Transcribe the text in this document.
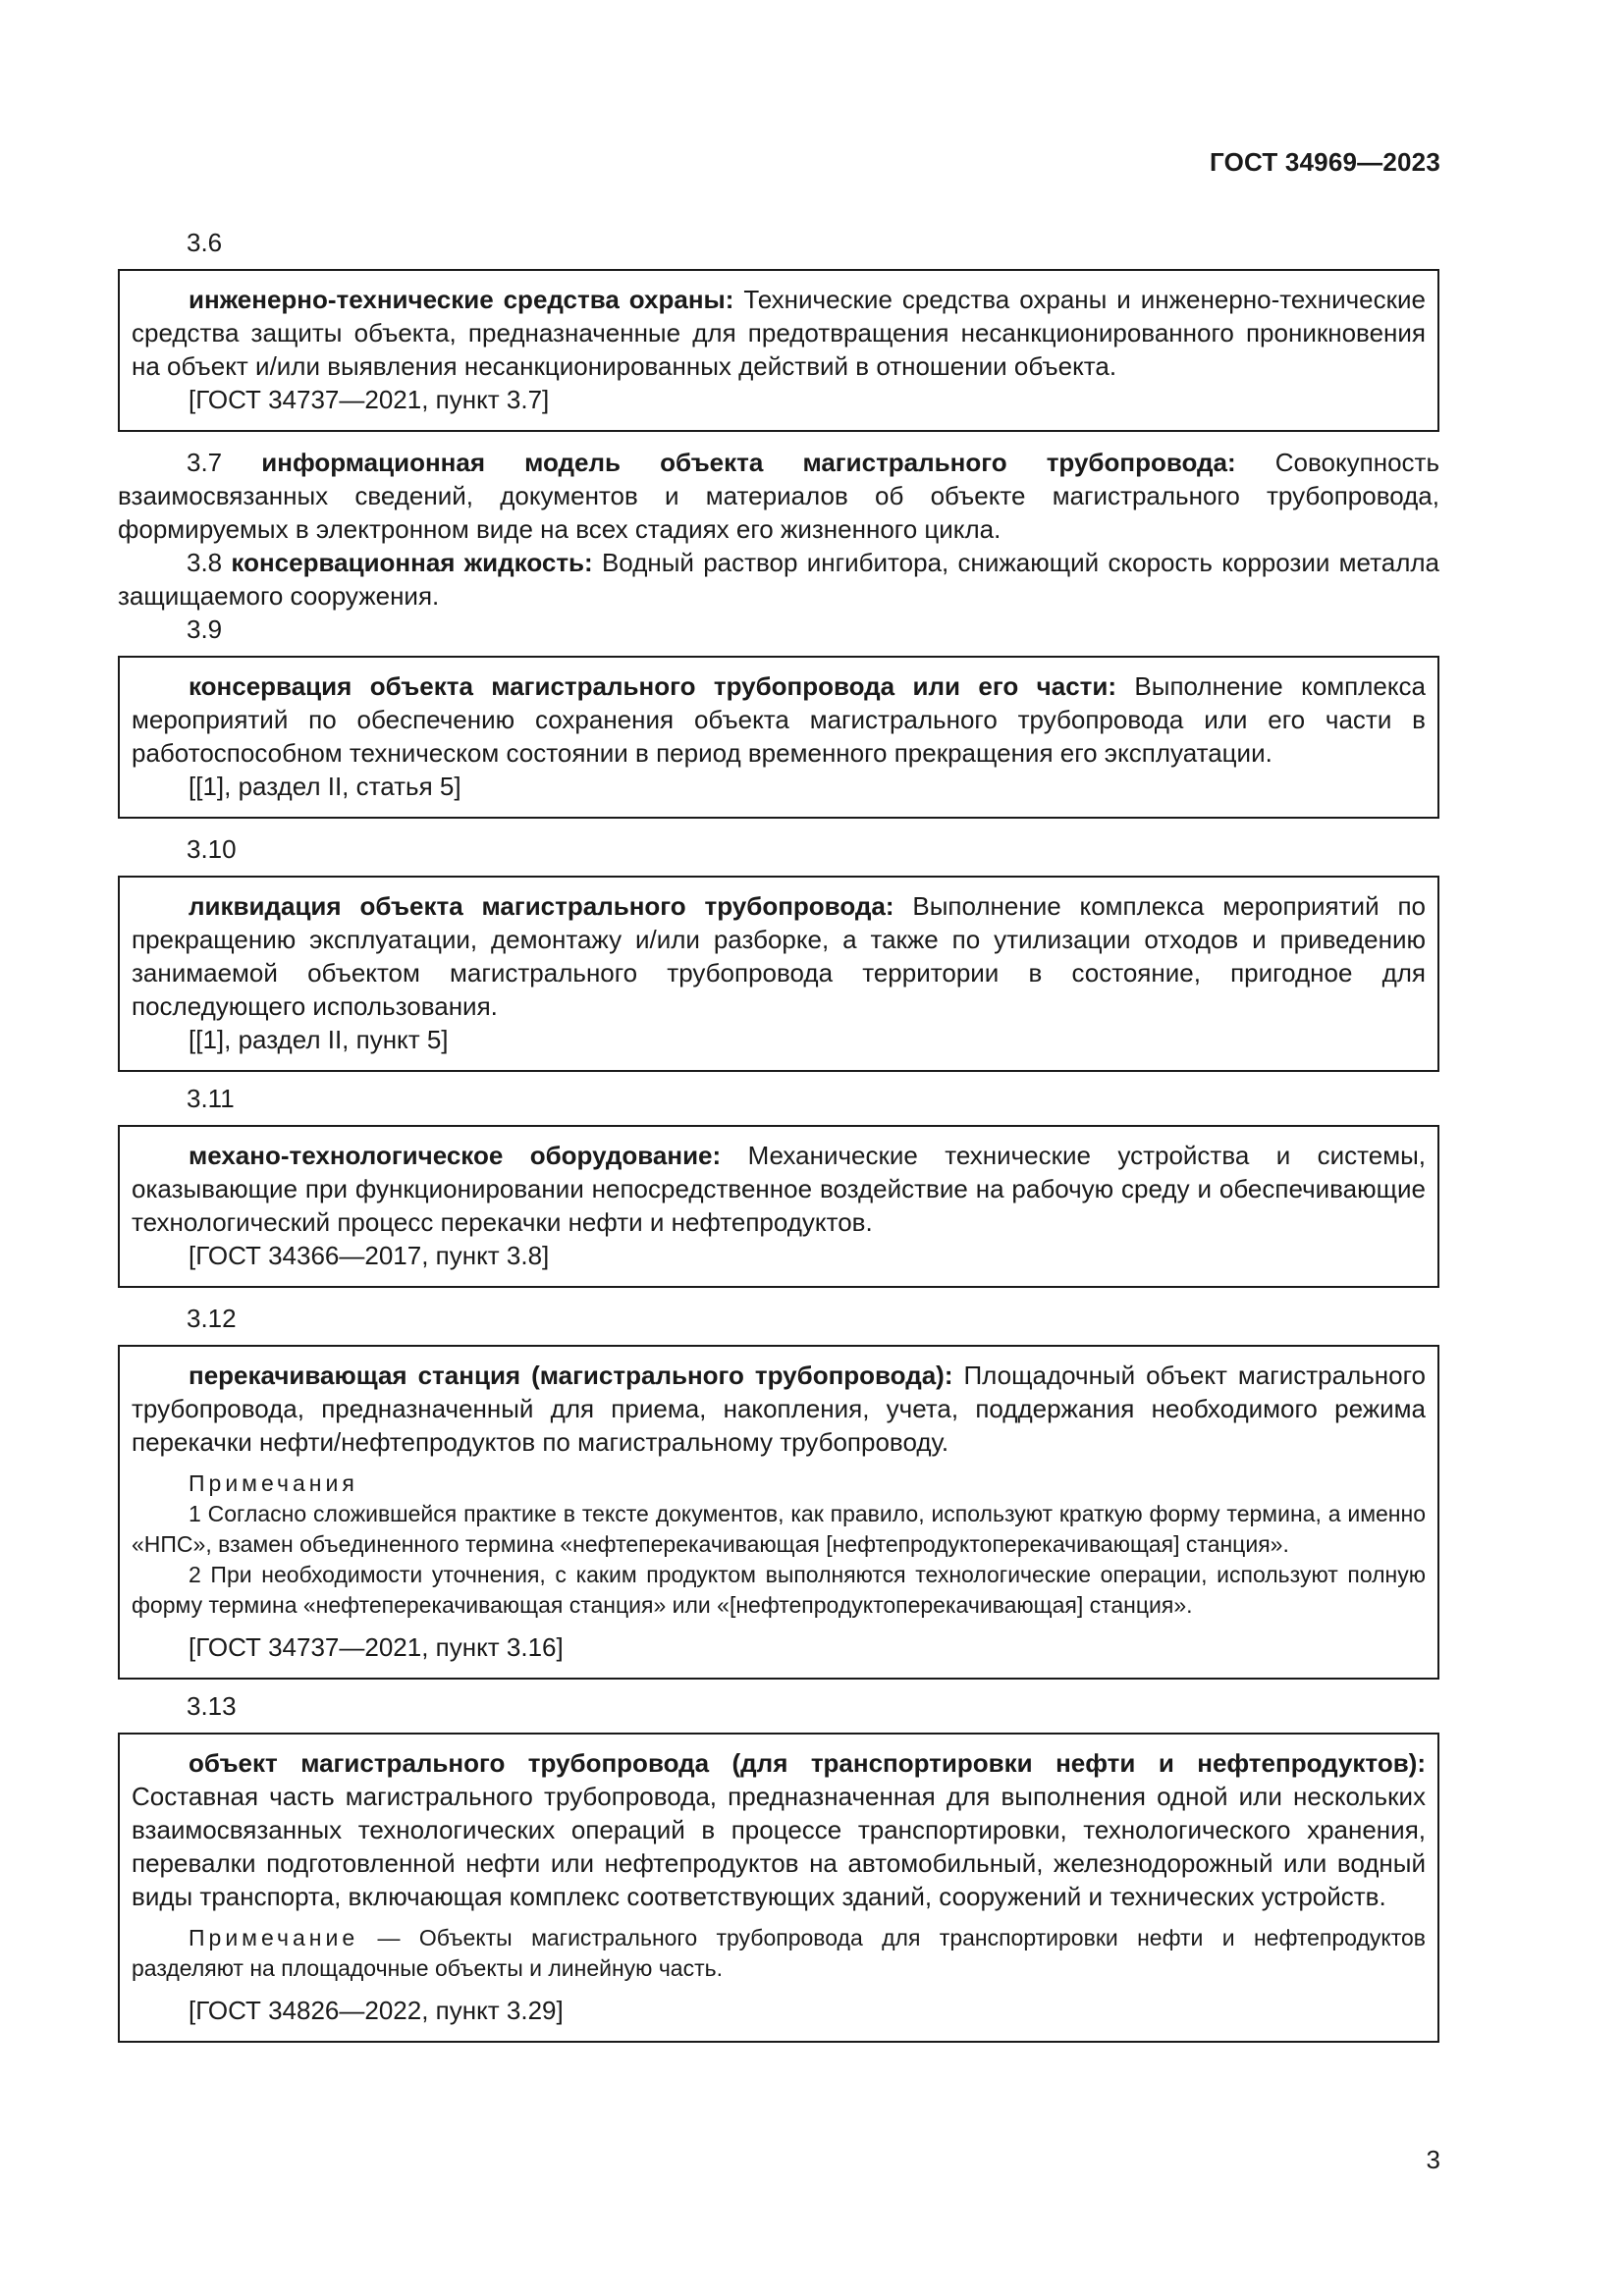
ГОСТ 34969—2023

3.6

инженерно-технические средства охраны: Технические средства охраны и инженерно-технические средства защиты объекта, предназначенные для предотвращения несанкционированного проникновения на объект и/или выявления несанкционированных действий в отношении объекта.

[ГОСТ 34737—2021, пункт 3.7]

3.7 информационная модель объекта магистрального трубопровода: Совокупность взаимосвязанных сведений, документов и материалов об объекте магистрального трубопровода, формируемых в электронном виде на всех стадиях его жизненного цикла.

3.8 консервационная жидкость: Водный раствор ингибитора, снижающий скорость коррозии металла защищаемого сооружения.

3.9

консервация объекта магистрального трубопровода или его части: Выполнение комплекса мероприятий по обеспечению сохранения объекта магистрального трубопровода или его части в работоспособном техническом состоянии в период временного прекращения его эксплуатации.

[[1], раздел II, статья 5]

3.10

ликвидация объекта магистрального трубопровода: Выполнение комплекса мероприятий по прекращению эксплуатации, демонтажу и/или разборке, а также по утилизации отходов и приведению занимаемой объектом магистрального трубопровода территории в состояние, пригодное для последующего использования.

[[1], раздел II, пункт 5]

3.11

механо-технологическое оборудование: Механические технические устройства и системы, оказывающие при функционировании непосредственное воздействие на рабочую среду и обеспечивающие технологический процесс перекачки нефти и нефтепродуктов.

[ГОСТ 34366—2017, пункт 3.8]

3.12

перекачивающая станция (магистрального трубопровода): Площадочный объект магистрального трубопровода, предназначенный для приема, накопления, учета, поддержания необходимого режима перекачки нефти/нефтепродуктов по магистральному трубопроводу.

Примечания

1 Согласно сложившейся практике в тексте документов, как правило, используют краткую форму термина, а именно «НПС», взамен объединенного термина «нефтеперекачивающая [нефтепродуктоперекачивающая] станция».

2 При необходимости уточнения, с каким продуктом выполняются технологические операции, используют полную форму термина «нефтеперекачивающая станция» или «[нефтепродуктоперекачивающая] станция».

[ГОСТ 34737—2021, пункт 3.16]

3.13

объект магистрального трубопровода (для транспортировки нефти и нефтепродуктов): Составная часть магистрального трубопровода, предназначенная для выполнения одной или нескольких взаимосвязанных технологических операций в процессе транспортировки, технологического хранения, перевалки подготовленной нефти или нефтепродуктов на автомобильный, железнодорожный или водный виды транспорта, включающая комплекс соответствующих зданий, сооружений и технических устройств.

Примечание — Объекты магистрального трубопровода для транспортировки нефти и нефтепродуктов разделяют на площадочные объекты и линейную часть.

[ГОСТ 34826—2022, пункт 3.29]

3
